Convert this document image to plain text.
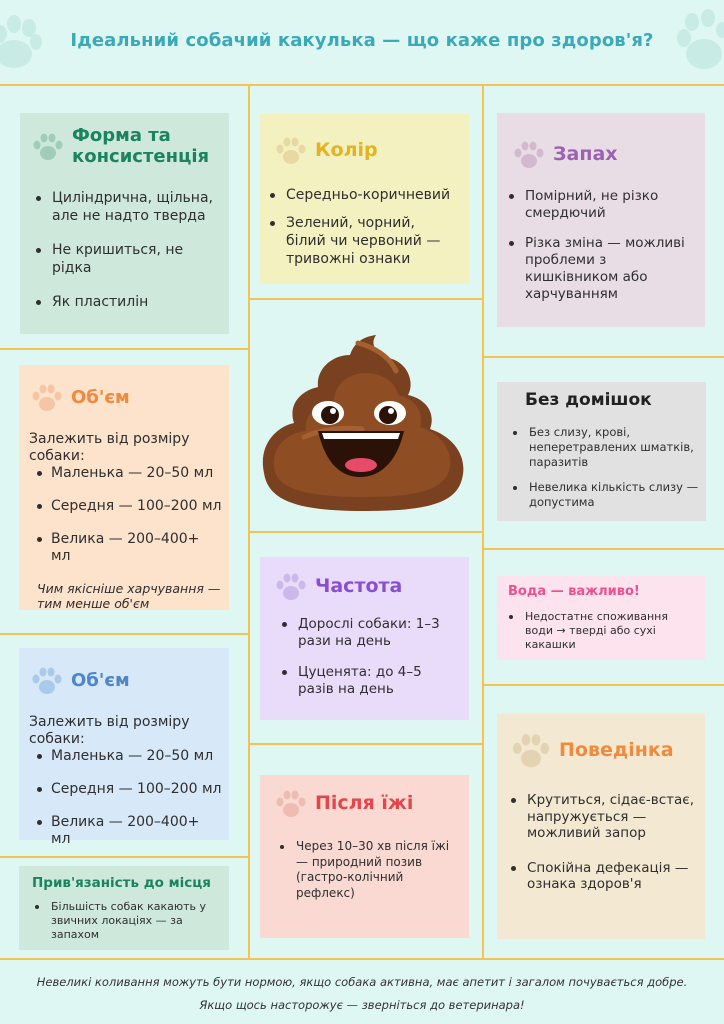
Ідеальний собачий какулька — що каже про здоров'я?
Форма та
консистенція
Циліндрична, щільна, але не надто тверда
Не кришиться, не рідка
Як пластилін
Колір
Середньо-коричневий
Зелений, чорний, білий чи червоний — тривожні ознаки
Запах
Помірний, не різко смердючий
Різка зміна — можливі проблеми з кишківником або харчуванням
Об'єм

Залежить від розміру собаки:

Маленька — 20–50 мл
Середня — 100–200 мл
Велика — 200–400+ мл

Чим якісніше харчування — тим менше об'єм

Без домішок
Без слизу, крові, неперетравлених шматків, паразитів
Невелика кількість слизу — допустима
Частота
Дорослі собаки: 1–3 рази на день
Цуценята: до 4–5 разів на день
Вода — важливо!
Недостатнє споживання води → тверді або сухі какашки
Об'єм

Залежить від розміру собаки:

Маленька — 20–50 мл
Середня — 100–200 мл
Велика — 200–400+ мл
Поведінка
Крутиться, сідає-встає, напружується — можливий запор
Спокійна дефекація — ознака здоров'я
Після їжі
Через 10–30 хв після їжі — природний позив (гастро-колічний рефлекс)
Прив'язаність до місця
Більшість собак какають у звичних локаціях — за запахом
Невеликі коливання можуть бути нормою, якщо собака активна, має апетит і загалом почувається добре.
Якщо щось насторожує — зверніться до ветеринара!
